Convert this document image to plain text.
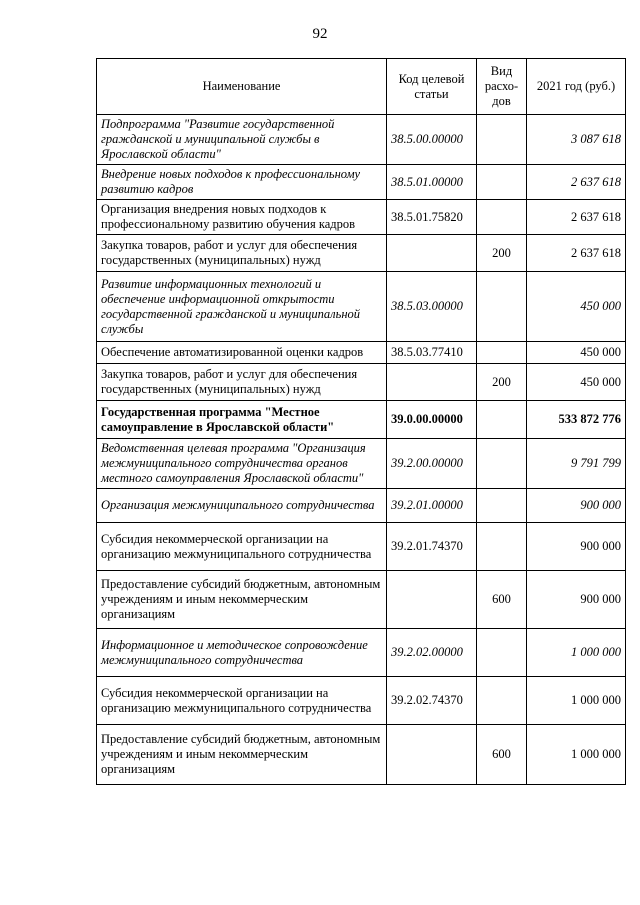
92
Наименование	Код целевой статьи	Вид расхо-дов	2021 год (руб.)
Подпрограмма "Развитие государственной гражданской и муниципальной службы в Ярославской области"	38.5.00.00000		3 087 618
Внедрение новых подходов к профессиональному развитию кадров	38.5.01.00000		2 637 618
Организация внедрения новых подходов к профессиональному развитию обучения кадров	38.5.01.75820		2 637 618
Закупка товаров, работ и услуг для обеспечения государственных (муниципальных) нужд		200	2 637 618
Развитие информационных технологий и обеспечение информационной открытости государственной гражданской и муниципальной службы	38.5.03.00000		450 000
Обеспечение автоматизированной оценки кадров	38.5.03.77410		450 000
Закупка товаров, работ и услуг для обеспечения государственных (муниципальных) нужд		200	450 000
Государственная программа "Местное самоуправление в Ярославской области"	39.0.00.00000		533 872 776
Ведомственная целевая программа "Организация межмуниципального сотрудничества органов местного самоуправления Ярославской области"	39.2.00.00000		9 791 799
Организация межмуниципального сотрудничества	39.2.01.00000		900 000
Субсидия некоммерческой организации на организацию межмуниципального сотрудничества	39.2.01.74370		900 000
Предоставление субсидий бюджетным, автономным учреждениям и иным некоммерческим организациям		600	900 000
Информационное и методическое сопровождение межмуниципального сотрудничества	39.2.02.00000		1 000 000
Субсидия некоммерческой организации на организацию межмуниципального сотрудничества	39.2.02.74370		1 000 000
Предоставление субсидий бюджетным, автономным учреждениям и иным некоммерческим организациям		600	1 000 000
